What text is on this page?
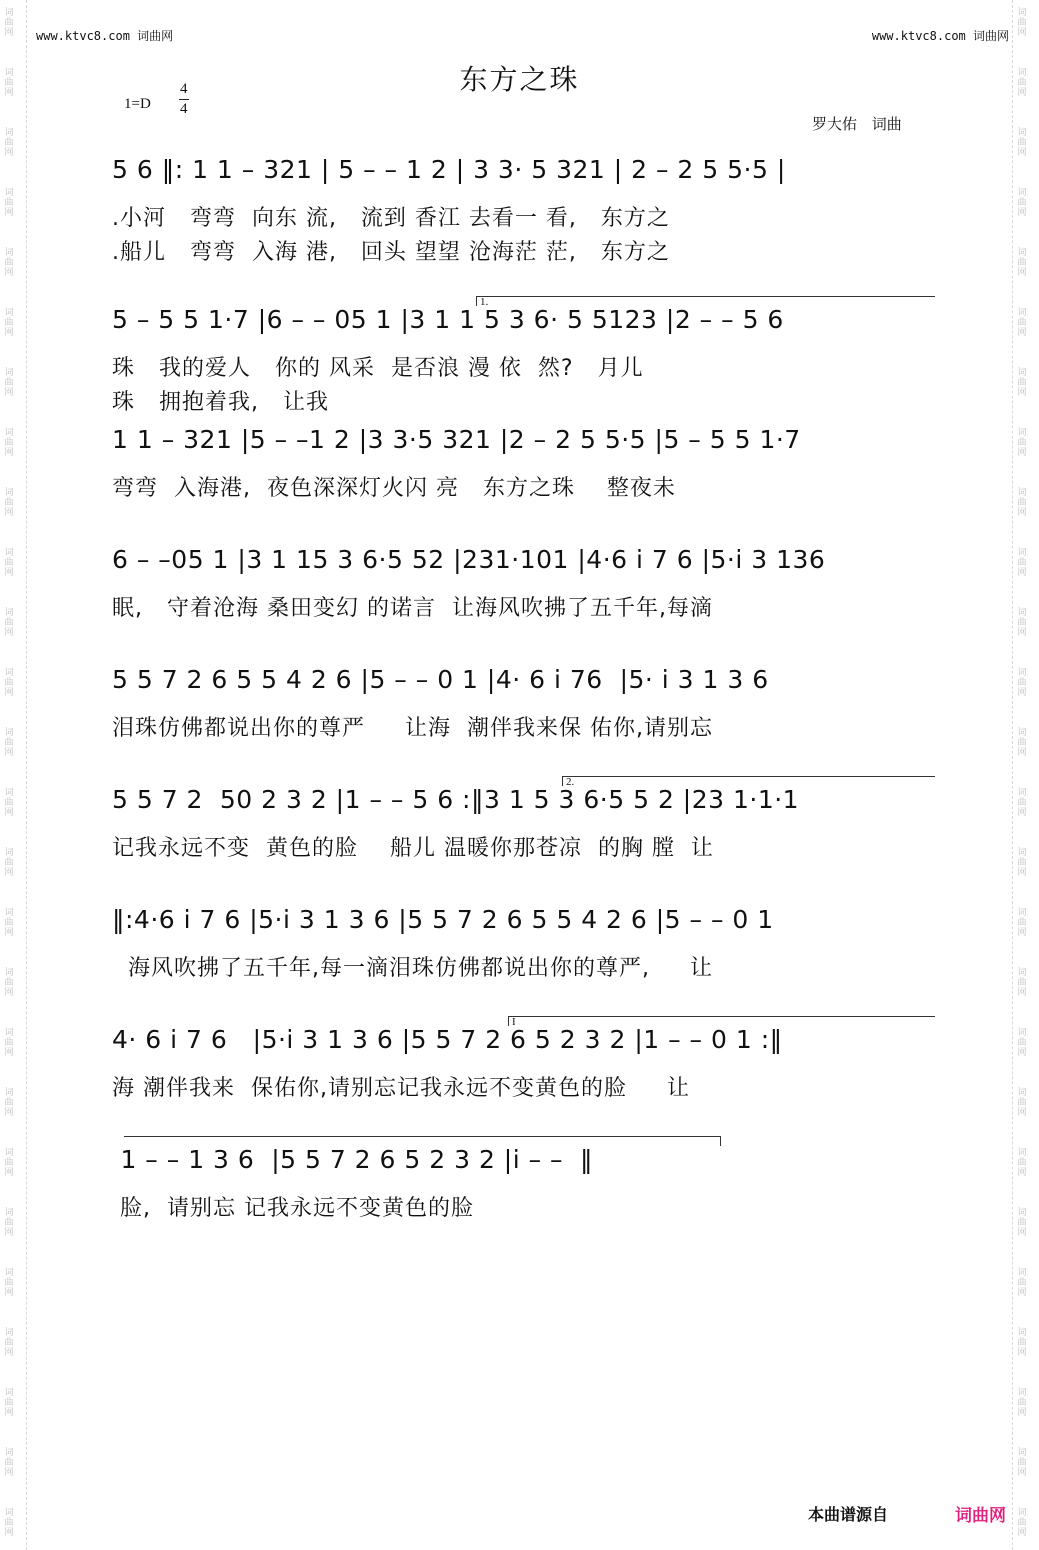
词
曲
网
词
曲
网
词
曲
网
词
曲
网
词
曲
网
词
曲
网
词
曲
网
词
曲
网
词
曲
网
词
曲
网
词
曲
网
词
曲
网
词
曲
网
词
曲
网
词
曲
网
词
曲
网
词
曲
网
词
曲
网
词
曲
网
词
曲
网
词
曲
网
词
曲
网
词
曲
网
词
曲
网
词
曲
网
词
曲
网
词
曲
网
词
曲
网
词
曲
网
词
曲
网
词
曲
网
词
曲
网
词
曲
网
词
曲
网
词
曲
网
词
曲
网
词
曲
网
词
曲
网
词
曲
网
词
曲
网
词
曲
网
词
曲
网
词
曲
网
词
曲
网
词
曲
网
词
曲
网
词
曲
网
词
曲
网
词
曲
网
词
曲
网
词
曲
网
词
曲
网
www.ktvc8.com 词曲网	www.ktvc8.com 词曲网
东方之珠
1=D
4
4
罗大佑 词曲
5 6 ‖: 1 1 – 321 | 5 – – 1 2 | 3 3· 5 321 | 2 – 2 5 5·5 |
.小河   弯弯  向东 流,   流到 香江 去看一 看,   东方之
.船儿   弯弯  入海 港,   回头 望望 沧海茫 茫,   东方之
1.
5 – 5 5 1·7 |6 – – 05 1 |3 1 1 5 3 6· 5 5123 |2 – – 5 6
珠   我的爱人   你的 风采  是否浪 漫 依  然?   月儿
珠   拥抱着我,   让我
1 1 – 321 |5 – –1 2 |3 3·5 321 |2 – 2 5 5·5 |5 – 5 5 1·7
弯弯  入海港,  夜色深深灯火闪 亮   东方之珠    整夜未
6 – –05 1 |3 1 15 3 6·5 52 |231·101 |4·6 i 7 6 |5·i 3 136
眠,   守着沧海 桑田变幻 的诺言  让海风吹拂了五千年,每滴
5 5 7 2 6 5 5 4 2 6 |5 – – 0 1 |4· 6 i 76  |5· i 3 1 3 6
泪珠仿佛都说出你的尊严     让海  潮伴我来保 佑你,请别忘
2.
5 5 7 2  50 2 3 2 |1 – – 5 6 :‖3 1 5 3 6·5 5 2 |23 1·1·1
记我永远不变  黄色的脸    船儿 温暖你那苍凉  的胸 膛  让
‖:4·6 i 7 6 |5·i 3 1 3 6 |5 5 7 2 6 5 5 4 2 6 |5 – – 0 1
海风吹拂了五千年,每一滴泪珠仿佛都说出你的尊严,     让
I
4· 6 i 7 6   |5·i 3 1 3 6 |5 5 7 2 6 5 2 3 2 |1 – – 0 1 :‖
海 潮伴我来  保佑你,请别忘记我永远不变黄色的脸     让
1 – – 1 3 6  |5 5 7 2 6 5 2 3 2 |i – –  ‖
脸,  请别忘 记我永远不变黄色的脸
本曲谱源自	词曲网
